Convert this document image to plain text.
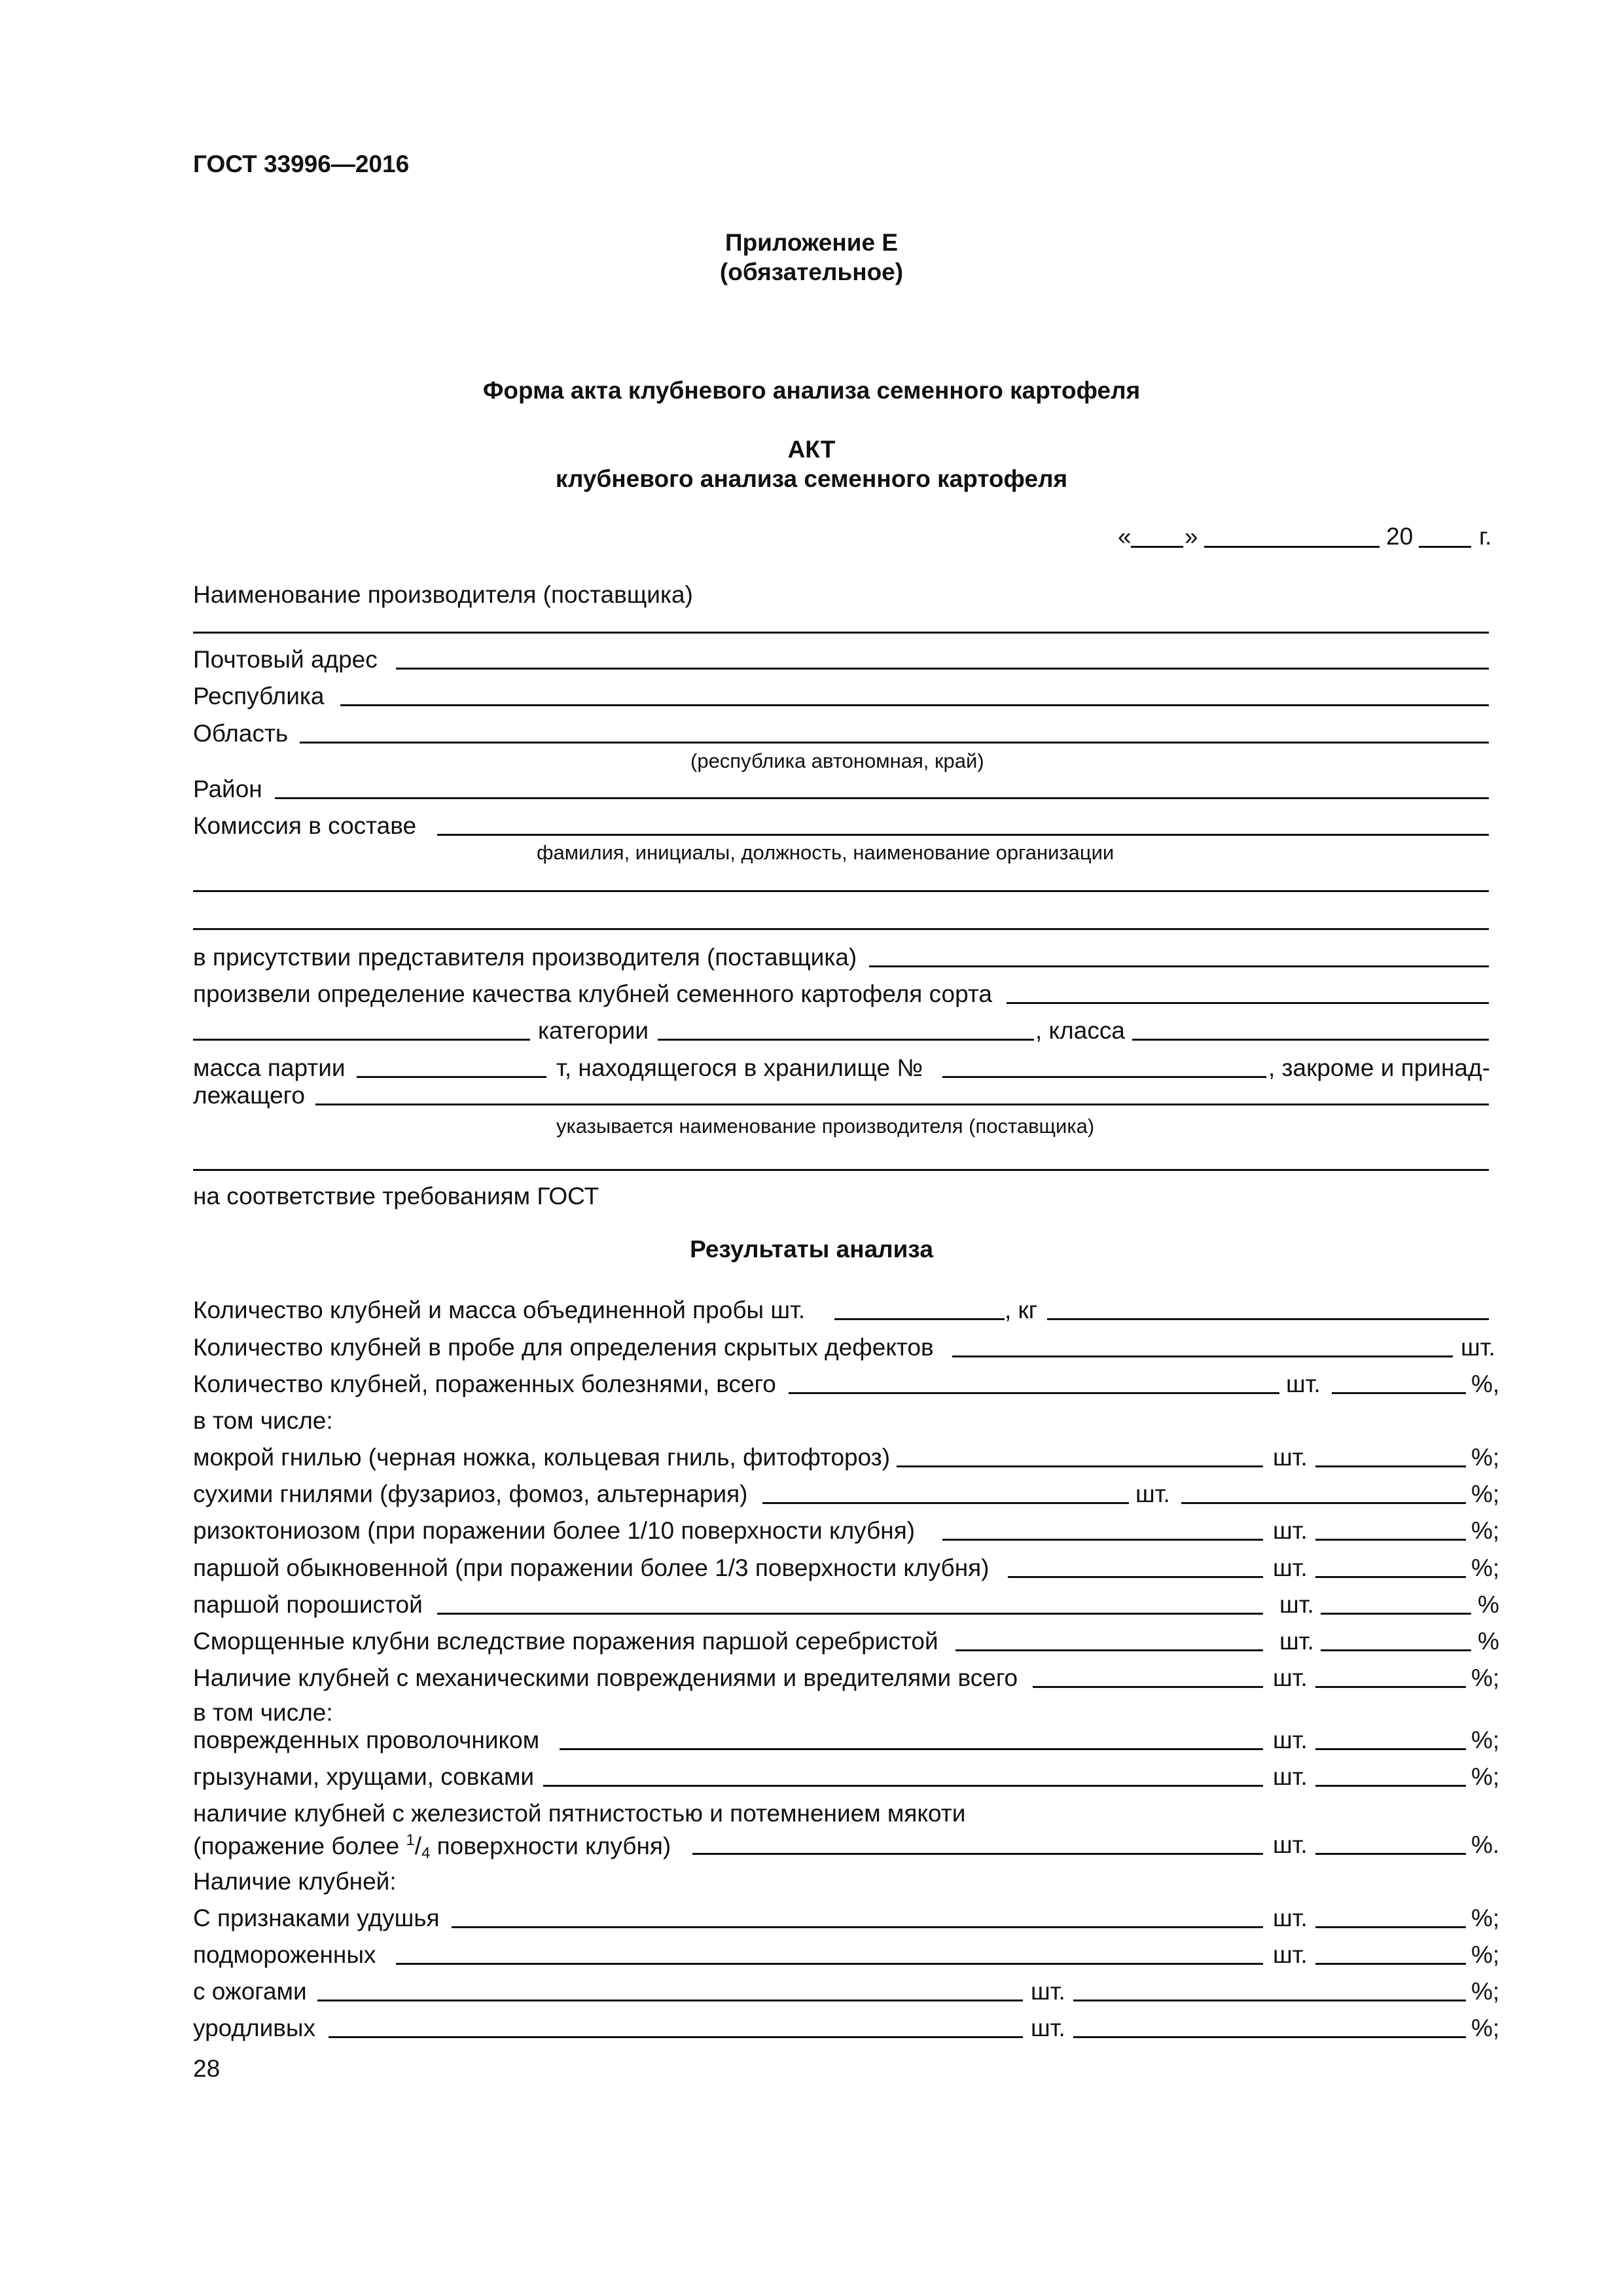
ГОСТ 33996—2016
Приложение Е
(обязательное)
Форма акта клубневого анализа семенного картофеля
АКТ
клубневого анализа семенного картофеля
« »	20	г.
Наименование производителя (поставщика)
Почтовый адрес
Республика
Область
(республика автономная, край)
Район
Комиссия в составе
фамилия, инициалы, должность, наименование организации
в присутствии представителя производителя (поставщика)
произвели определение качества клубней семенного картофеля сорта
категории	, класса
масса партии	т, находящегося в хранилище №	, закроме и принад-
лежащего
указывается наименование производителя (поставщика)
на соответствие требованиям ГОСТ
Результаты анализа
Количество клубней и масса объединенной пробы шт.	, кг
Количество клубней в пробе для определения скрытых дефектов	шт.
Количество клубней, пораженных болезнями, всего	шт.	%,
в том числе:
мокрой гнилью (черная ножка, кольцевая гниль, фитофтороз)	шт.	%;
сухими гнилями (фузариоз, фомоз, альтернария)	шт.	%;
ризоктониозом (при поражении более 1/10 поверхности клубня)	шт.	%;
паршой обыкновенной (при поражении более 1/3 поверхности клубня)	шт.	%;
паршой порошистой	шт.	%
Сморщенные клубни вследствие поражения паршой серебристой	шт.	%
Наличие клубней с механическими повреждениями и вредителями всего	шт.	%;
в том числе:
поврежденных проволочником	шт.	%;
грызунами, хрущами, совками	шт.	%;
наличие клубней с железистой пятнистостью и потемнением мякоти
(поражение более $^1/_4$ поверхности клубня)	шт.	%.
Наличие клубней:
С признаками удушья	шт.	%;
подмороженных	шт.	%;
с ожогами	шт.	%;
уродливых	шт.	%;
28
